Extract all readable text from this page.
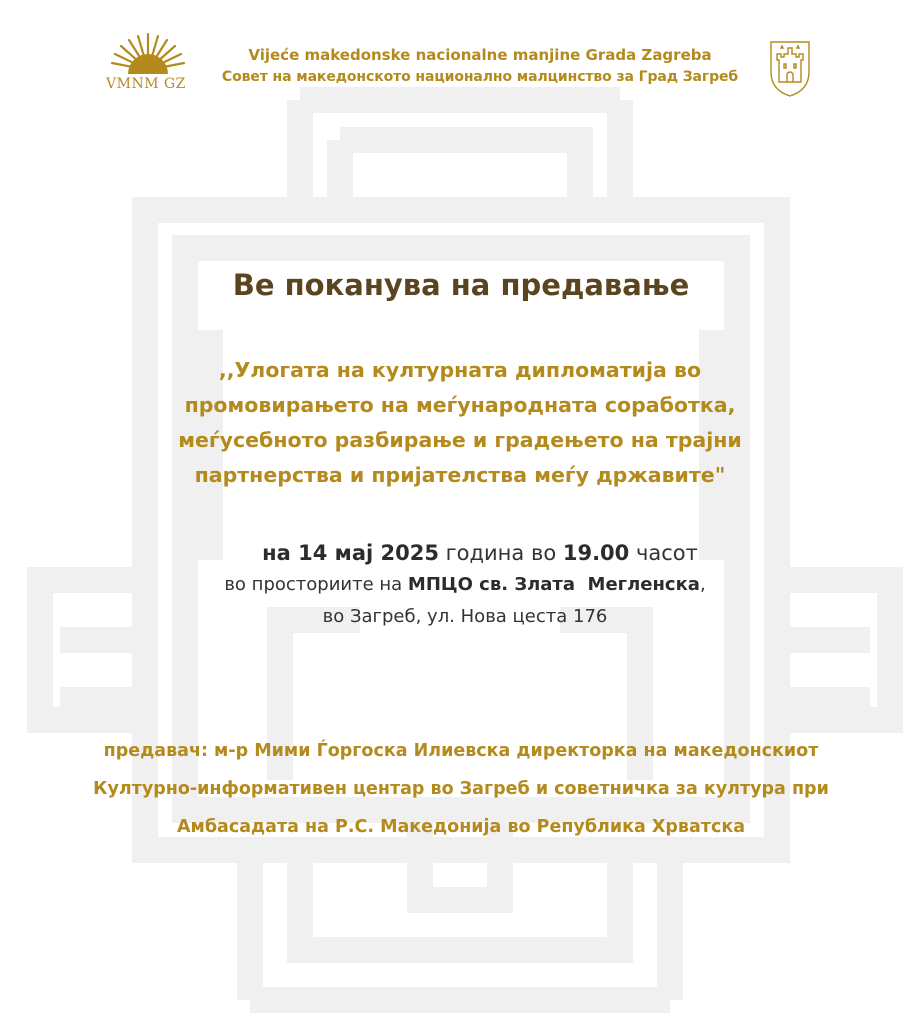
VMNM GZ
Vijeće makedonske nacionalne manjine Grada Zagreba
Совет на македонското национално малцинство за Град Загреб
Ве поканува на предавање
,,Улогата на културната дипломатија во
промовирањето на меѓународната соработка,
меѓусебното разбирање и градењето на трајни
партнерства и пријателства меѓу државите"
на 14 мај 2025 година во 19.00 часот
во просториите на МПЦО св. Злата  Мегленска,
во Загреб, ул. Нова цеста 176
предавач: м-р Мими Ѓоргоска Илиевска директорка на македонскиот
Културно-информативен центар во Загреб и советничка за култура при
Амбасадата на Р.С. Македонија во Република Хрватска
